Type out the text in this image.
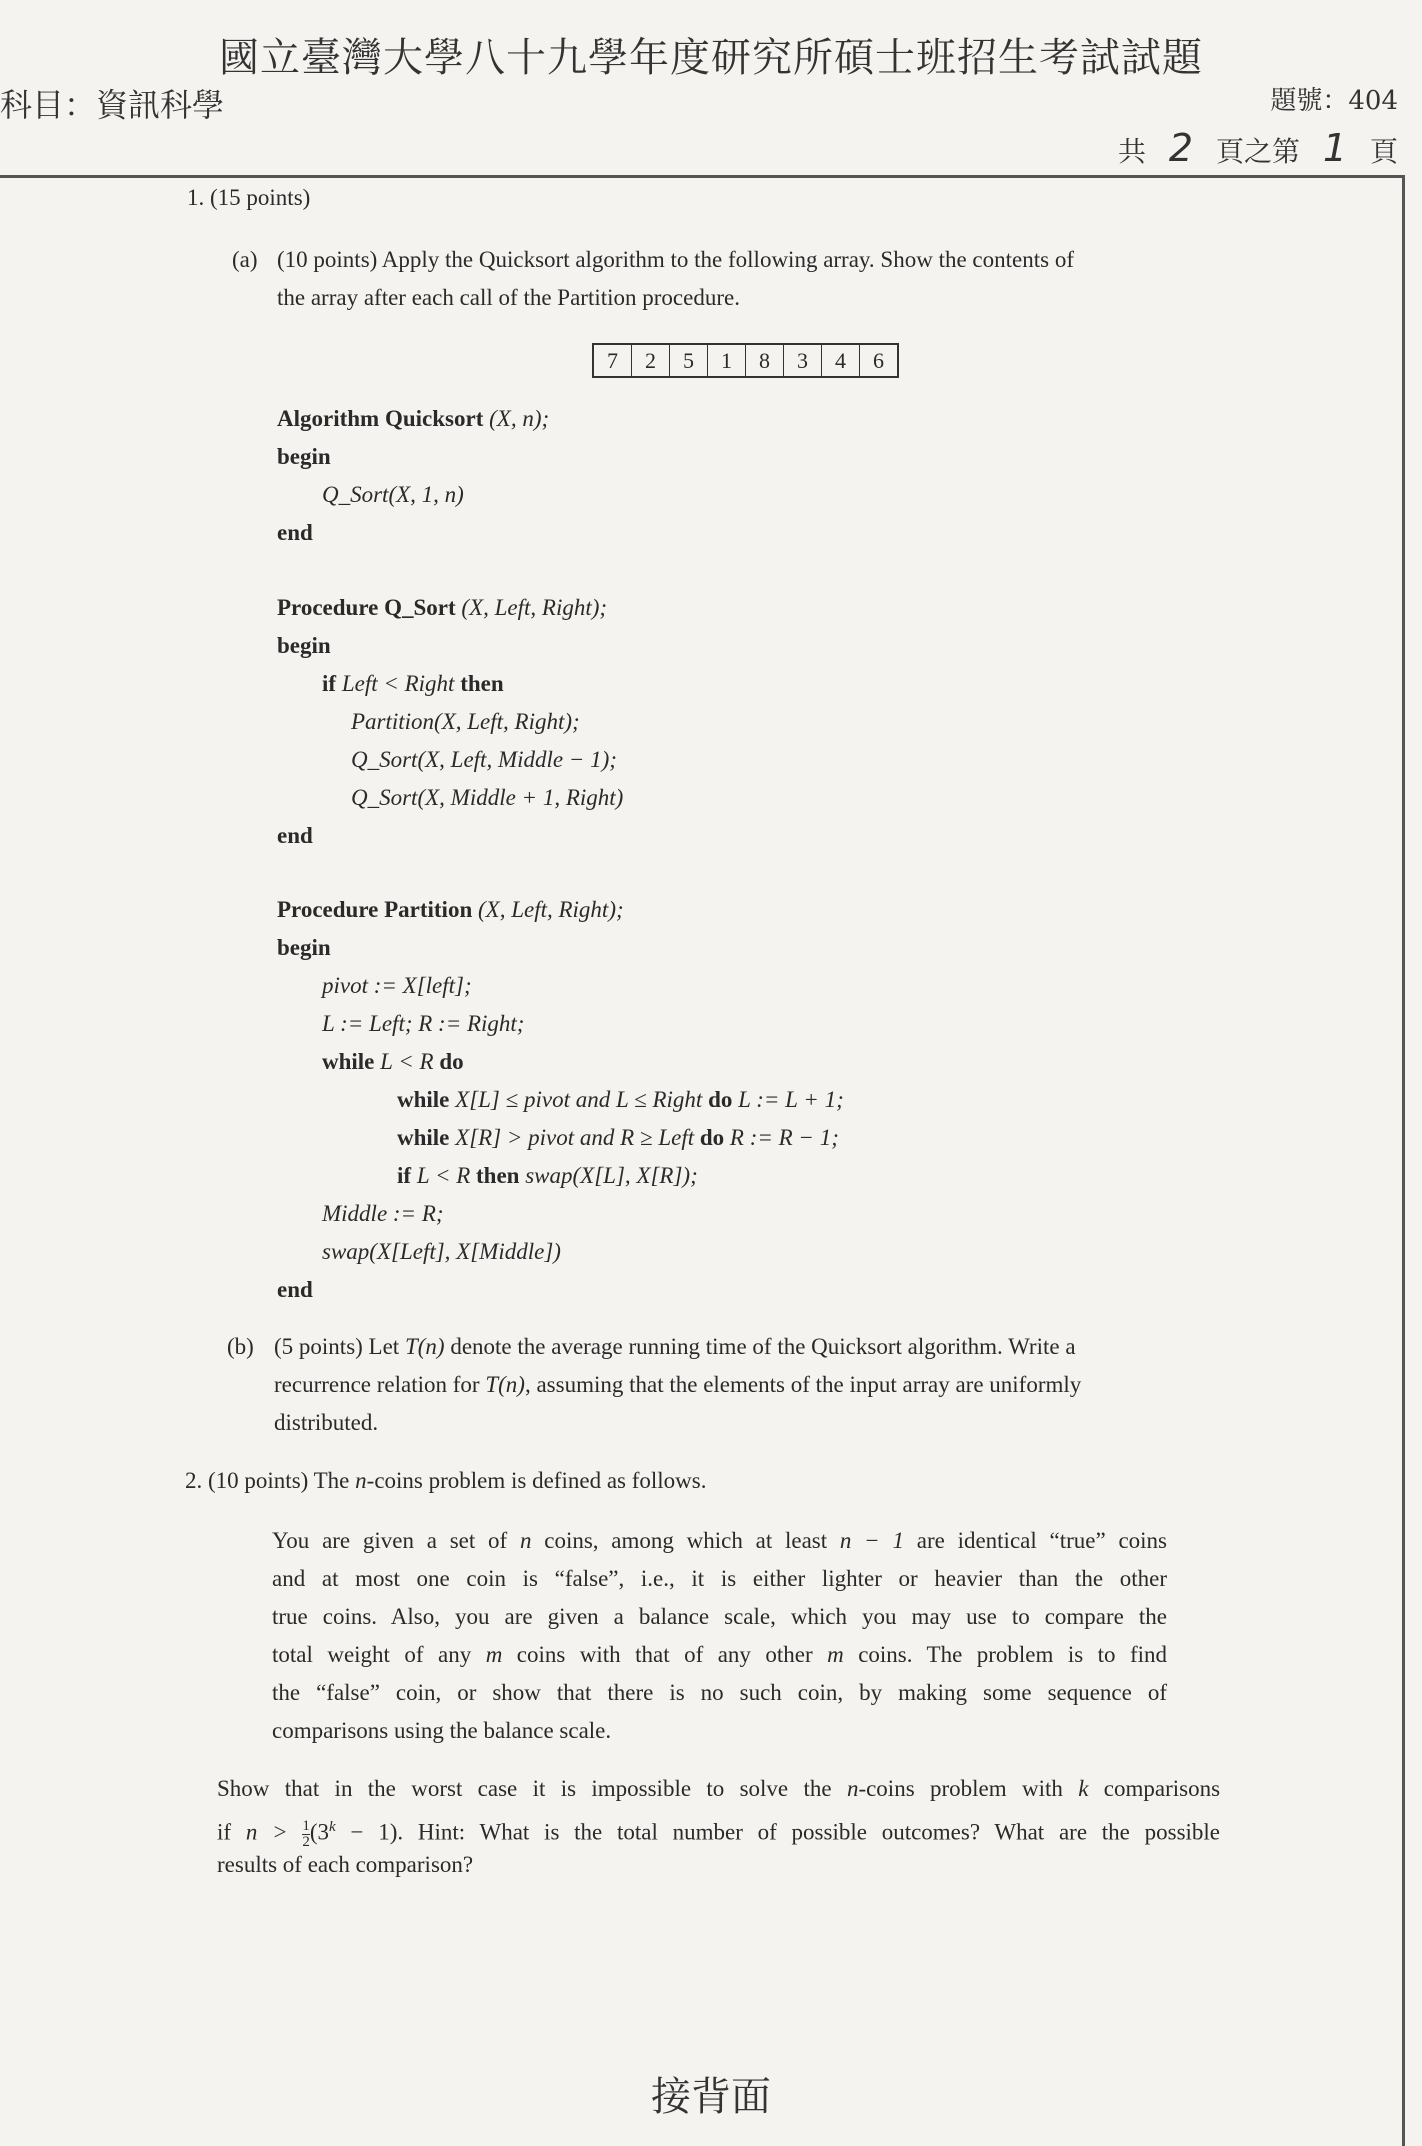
國立臺灣大學八十九學年度研究所碩士班招生考試試題
科目：資訊科學	題號：404
共 2 頁之第 1 頁
1. (15 points)
(a) (10 points) Apply the Quicksort algorithm to the following array. Show the contents of
the array after each call of the Partition procedure.
7	2	5	1	8	3	4	6
Algorithm Quicksort (X, n);
begin
Q_Sort(X, 1, n)
end
Procedure Q_Sort (X, Left, Right);
begin
if Left < Right then
Partition(X, Left, Right);
Q_Sort(X, Left, Middle − 1);
Q_Sort(X, Middle + 1, Right)
end
Procedure Partition (X, Left, Right);
begin
pivot := X[left];
L := Left; R := Right;
while L < R do
while X[L] ≤ pivot and L ≤ Right do L := L + 1;
while X[R] > pivot and R ≥ Left do R := R − 1;
if L < R then swap(X[L], X[R]);
Middle := R;
swap(X[Left], X[Middle])
end
(b) (5 points) Let T(n) denote the average running time of the Quicksort algorithm. Write a
recurrence relation for T(n), assuming that the elements of the input array are uniformly
distributed.
2. (10 points) The n-coins problem is defined as follows.
You are given a set of n coins, among which at least n − 1 are identical “true” coins
and at most one coin is “false”, i.e., it is either lighter or heavier than the other
true coins. Also, you are given a balance scale, which you may use to compare the
total weight of any m coins with that of any other m coins. The problem is to find
the “false” coin, or show that there is no such coin, by making some sequence of
comparisons using the balance scale.
Show that in the worst case it is impossible to solve the n-coins problem with k comparisons
if $n > \frac{1}{2} (3^k - 1)$. Hint: What is the total number of possible outcomes? What are the possible
results of each comparison?
接背面
